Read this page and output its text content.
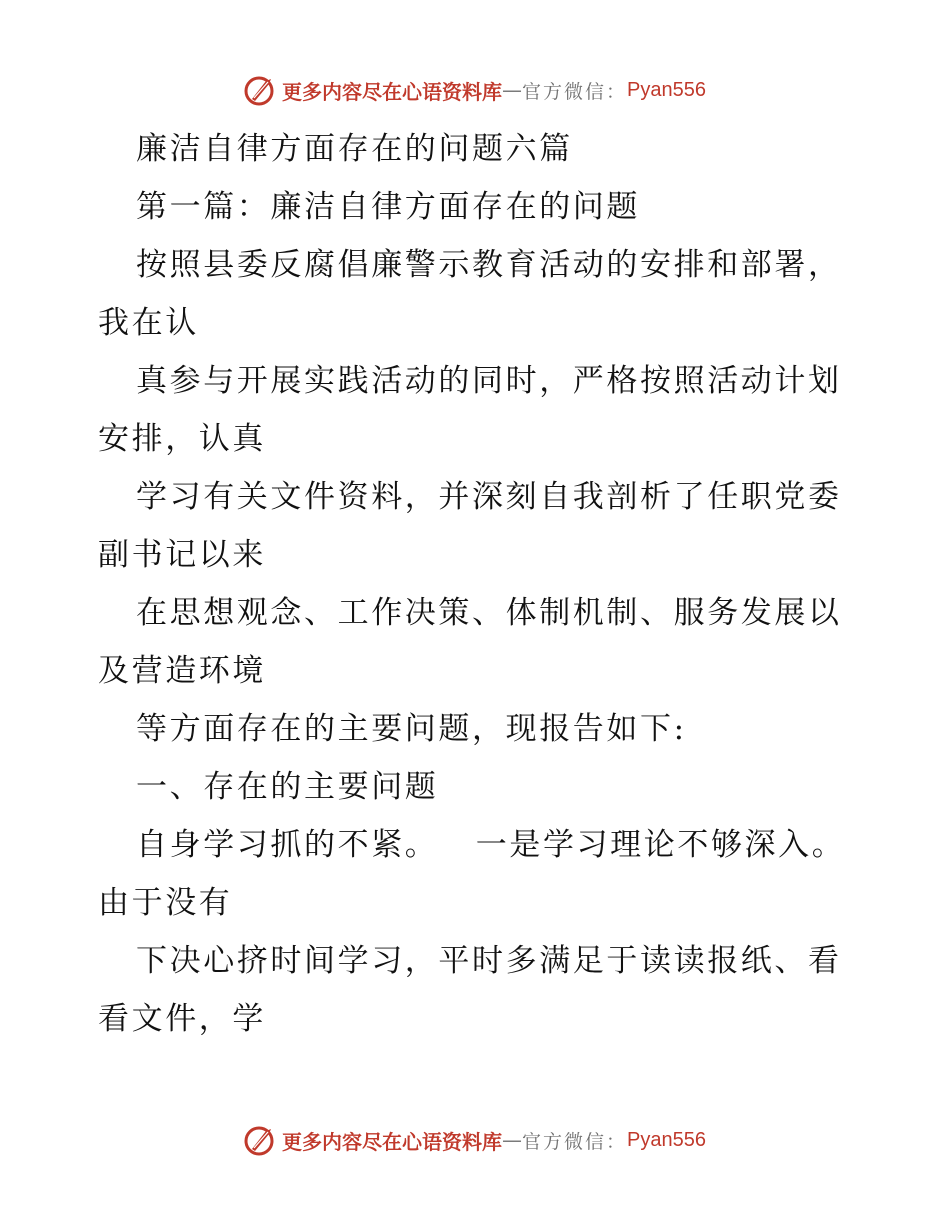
更多内容尽在心语资料库 — 官方微信： Pyan556
廉洁自律方面存在的问题六篇
第一篇：廉洁自律方面存在的问题
按照县委反腐倡廉警示教育活动的安排和部署，
我在认
真参与开展实践活动的同时，严格按照活动计划
安排，认真
学习有关文件资料，并深刻自我剖析了任职党委
副书记以来
在思想观念、工作决策、体制机制、服务发展以
及营造环境
等方面存在的主要问题，现报告如下:
一、存在的主要问题
自身学习抓的不紧。   一是学习理论不够深入。
由于没有
下决心挤时间学习，平时多满足于读读报纸、看
看文件，学
更多内容尽在心语资料库 — 官方微信： Pyan556
